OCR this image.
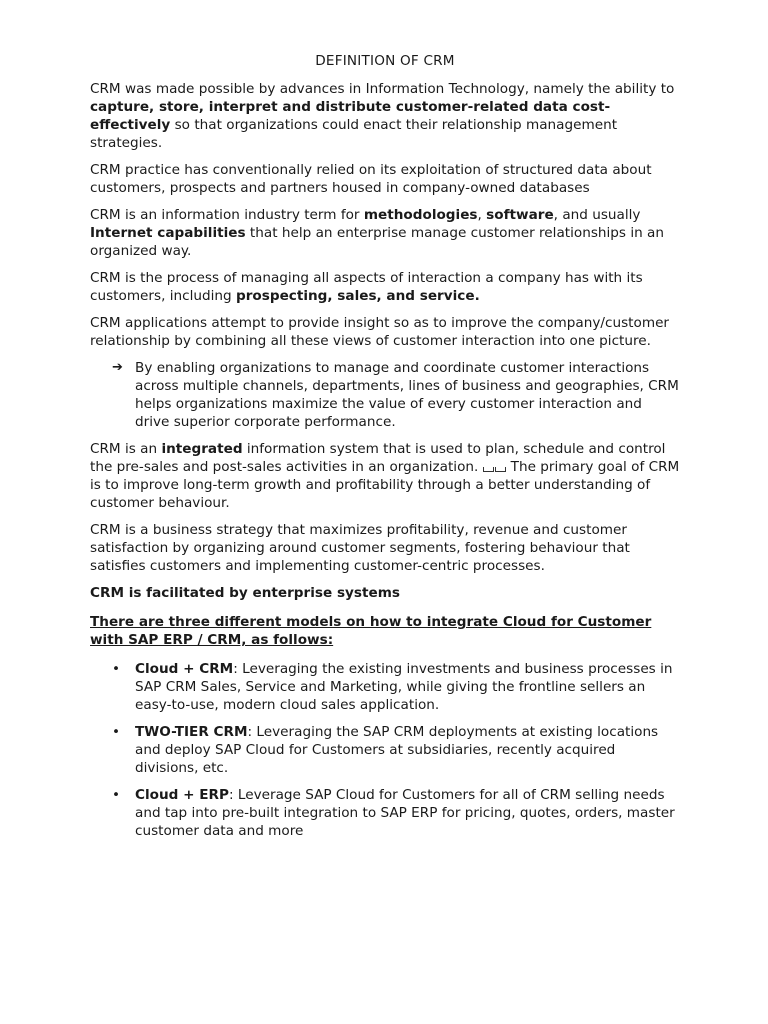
DEFINITION OF CRM

CRM was made possible by advances in Information Technology, namely the ability to capture, store, interpret and distribute customer-related data cost-effectively so that organizations could enact their relationship management strategies.

CRM practice has conventionally relied on its exploitation of structured data about customers, prospects and partners housed in company-owned databases

CRM is an information industry term for methodologies, software, and usually Internet capabilities that help an enterprise manage customer relationships in an organized way.

CRM is the process of managing all aspects of interaction a company has with its customers, including prospecting, sales, and service.

CRM applications attempt to provide insight so as to improve the company/customer relationship by combining all these views of customer interaction into one picture.

➔ By enabling organizations to manage and coordinate customer interactions across multiple channels, departments, lines of business and geographies, CRM helps organizations maximize the value of every customer interaction and drive superior corporate performance.

CRM is an integrated information system that is used to plan, schedule and control the pre-sales and post-sales activities in an organization.
The primary goal of CRM is to improve long-term growth and profitability through a better understanding of customer behaviour.

CRM is a business strategy that maximizes profitability, revenue and customer satisfaction by organizing around customer segments, fostering behaviour that satisfies customers and implementing customer-centric processes.

CRM is facilitated by enterprise systems

There are three different models on how to integrate Cloud for Customer with SAP ERP / CRM, as follows:

• Cloud + CRM: Leveraging the existing investments and business processes in SAP CRM Sales, Service and Marketing, while giving the frontline sellers an easy-to-use, modern cloud sales application.
• TWO-TIER CRM: Leveraging the SAP CRM deployments at existing locations and deploy SAP Cloud for Customers at subsidiaries, recently acquired divisions, etc.
• Cloud + ERP: Leverage SAP Cloud for Customers for all of CRM selling needs and tap into pre-built integration to SAP ERP for pricing, quotes, orders, master customer data and more
